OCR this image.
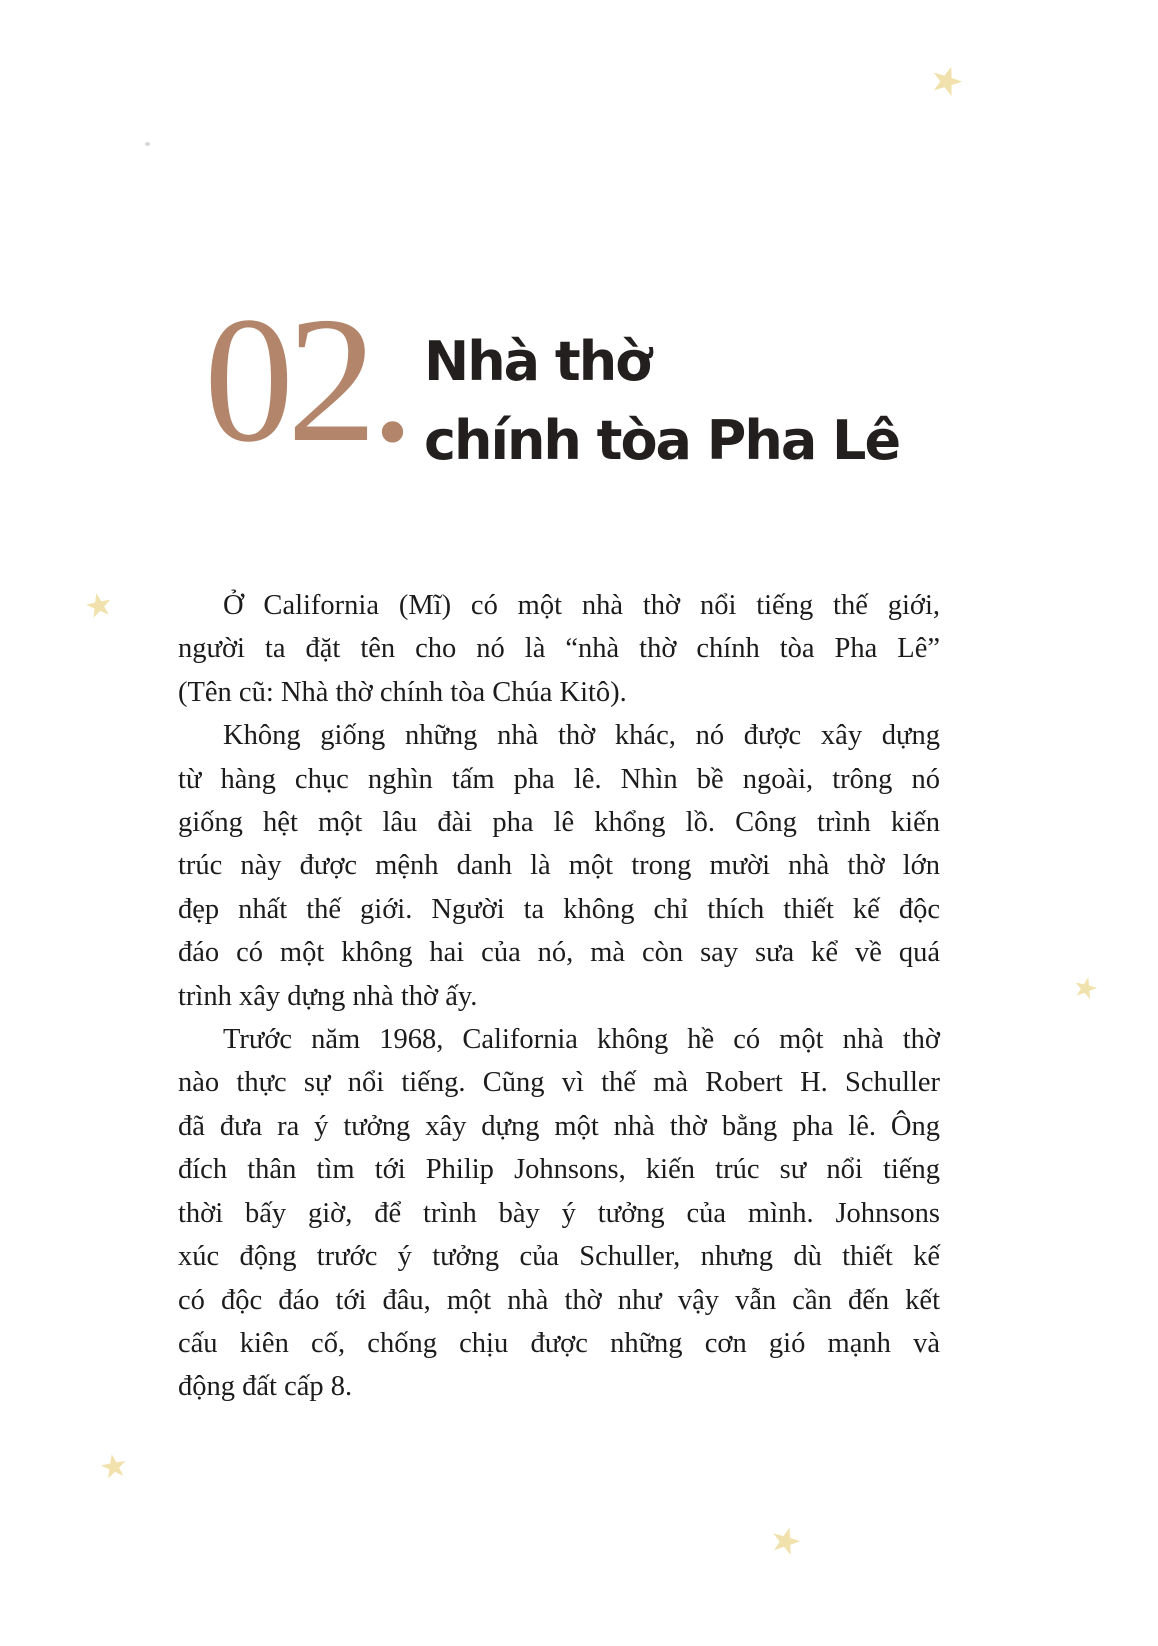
02. Nhà thờ
chính tòa Pha Lê

Ở California (Mĩ) có một nhà thờ nổi tiếng thế giới,
người ta đặt tên cho nó là “nhà thờ chính tòa Pha Lê”
(Tên cũ: Nhà thờ chính tòa Chúa Kitô).

Không giống những nhà thờ khác, nó được xây dựng
từ hàng chục nghìn tấm pha lê. Nhìn bề ngoài, trông nó
giống hệt một lâu đài pha lê khổng lồ. Công trình kiến
trúc này được mệnh danh là một trong mười nhà thờ lớn
đẹp nhất thế giới. Người ta không chỉ thích thiết kế độc
đáo có một không hai của nó, mà còn say sưa kể về quá
trình xây dựng nhà thờ ấy.

Trước năm 1968, California không hề có một nhà thờ
nào thực sự nổi tiếng. Cũng vì thế mà Robert H. Schuller
đã đưa ra ý tưởng xây dựng một nhà thờ bằng pha lê. Ông
đích thân tìm tới Philip Johnsons, kiến trúc sư nổi tiếng
thời bấy giờ, để trình bày ý tưởng của mình. Johnsons
xúc động trước ý tưởng của Schuller, nhưng dù thiết kế
có độc đáo tới đâu, một nhà thờ như vậy vẫn cần đến kết
cấu kiên cố, chống chịu được những cơn gió mạnh và
động đất cấp 8.
